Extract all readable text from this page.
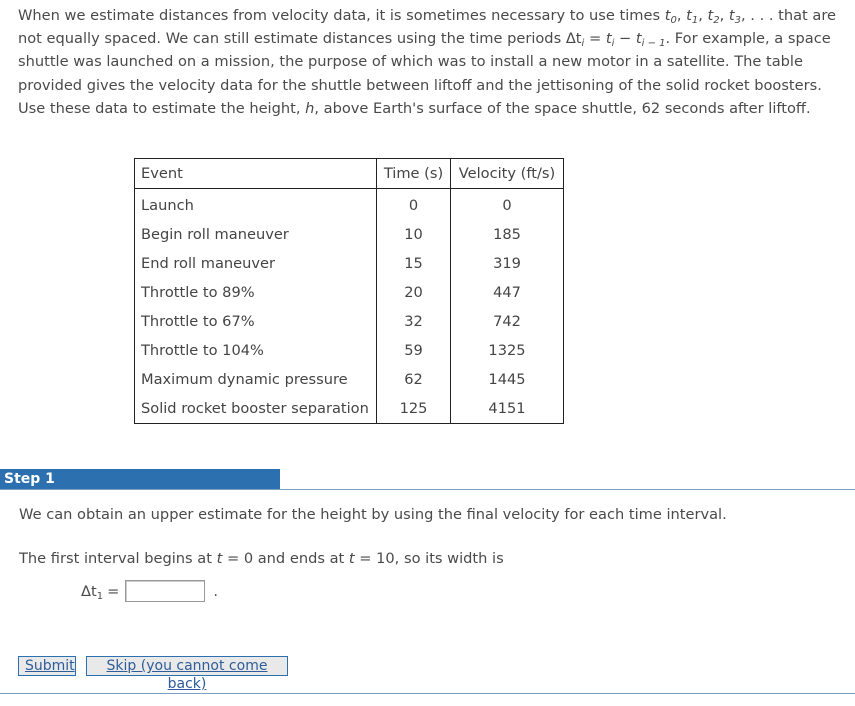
When we estimate distances from velocity data, it is sometimes necessary to use times $t_0$, $t_1$, $t_2$, $t_3$, . . . that are not equally spaced. We can still estimate distances using the time periods $\Delta t_i = t_i - t_{i - 1}$. For example, a space shuttle was launched on a mission, the purpose of which was to install a new motor in a satellite. The table provided gives the velocity data for the shuttle between liftoff and the jettisoning of the solid rocket boosters. Use these data to estimate the height, h, above Earth's surface of the space shuttle, 62 seconds after liftoff.

Event	Time (s)	Velocity (ft/s)
Launch	0	0
Begin roll maneuver	10	185
End roll maneuver	15	319
Throttle to 89%	20	447
Throttle to 67%	32	742
Throttle to 104%	59	1325
Maximum dynamic pressure	62	1445
Solid rocket booster separation	125	4151
Step 1

We can obtain an upper estimate for the height by using the final velocity for each time interval.

The first interval begins at t = 0 and ends at t = 10, so its width is

$\Delta t_1$ =	.
Submit	Skip (you cannot come back)
